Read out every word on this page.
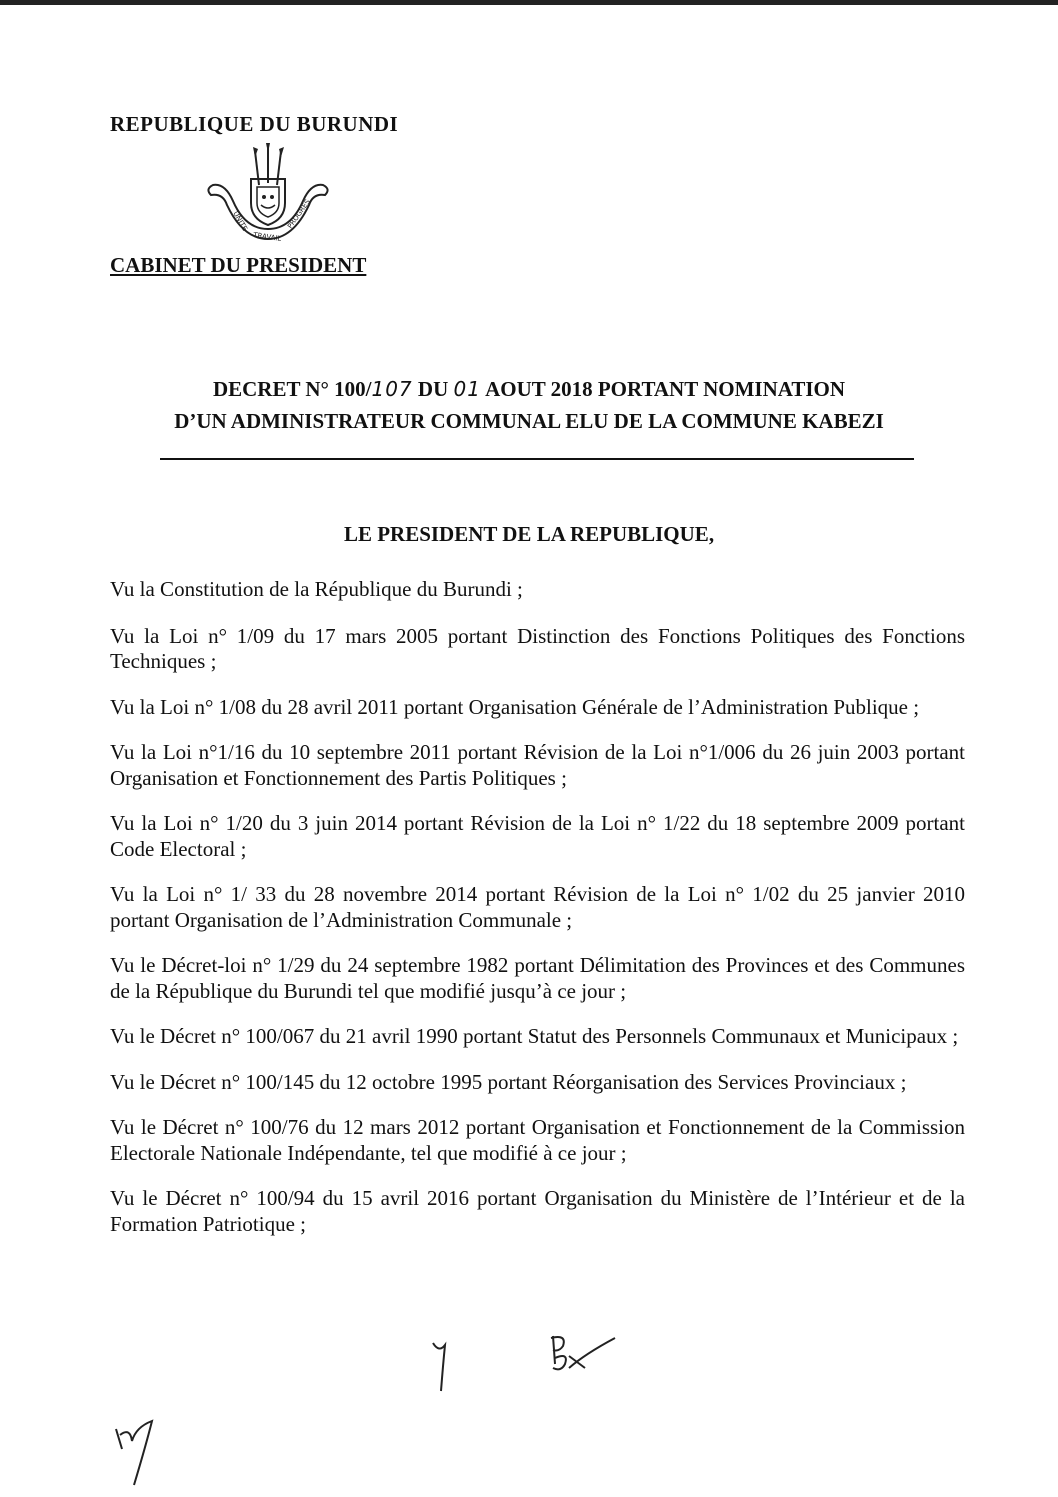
REPUBLIQUE DU BURUNDI
UNITE
TRAVAIL
PROGRES
CABINET DU PRESIDENT
DECRET N° 100/107 DU 01 AOUT 2018 PORTANT NOMINATION
D’UN ADMINISTRATEUR COMMUNAL ELU DE LA COMMUNE KABEZI
LE PRESIDENT DE LA REPUBLIQUE,

Vu la Constitution de la République du Burundi ;

Vu la Loi n° 1/09 du 17 mars 2005 portant Distinction des Fonctions Politiques des Fonctions Techniques ;

Vu la Loi n° 1/08 du 28 avril 2011 portant Organisation Générale de l’Administration Publique ;

Vu la Loi n°1/16 du 10 septembre 2011 portant Révision de la Loi n°1/006 du 26 juin 2003 portant Organisation et Fonctionnement des Partis Politiques ;

Vu la Loi n° 1/20 du 3 juin 2014 portant Révision de la Loi n° 1/22 du 18 septembre 2009 portant Code Electoral ;

Vu la Loi n° 1/ 33 du 28 novembre 2014 portant Révision de la Loi n° 1/02 du 25 janvier 2010 portant Organisation de l’Administration Communale ;

Vu le Décret-loi n° 1/29 du 24 septembre 1982 portant Délimitation des Provinces et des Communes de la République du Burundi tel que modifié jusqu’à ce jour ;

Vu le Décret n° 100/067 du 21 avril 1990 portant Statut des Personnels Communaux et Municipaux ;

Vu le Décret n° 100/145 du 12 octobre 1995 portant Réorganisation des Services Provinciaux ;

Vu le Décret n° 100/76 du 12 mars 2012 portant Organisation et Fonctionnement de la Commission Electorale Nationale Indépendante, tel que modifié à ce jour ;

Vu le Décret n° 100/94 du 15 avril 2016 portant Organisation du Ministère de l’Intérieur et de la Formation Patriotique ;
